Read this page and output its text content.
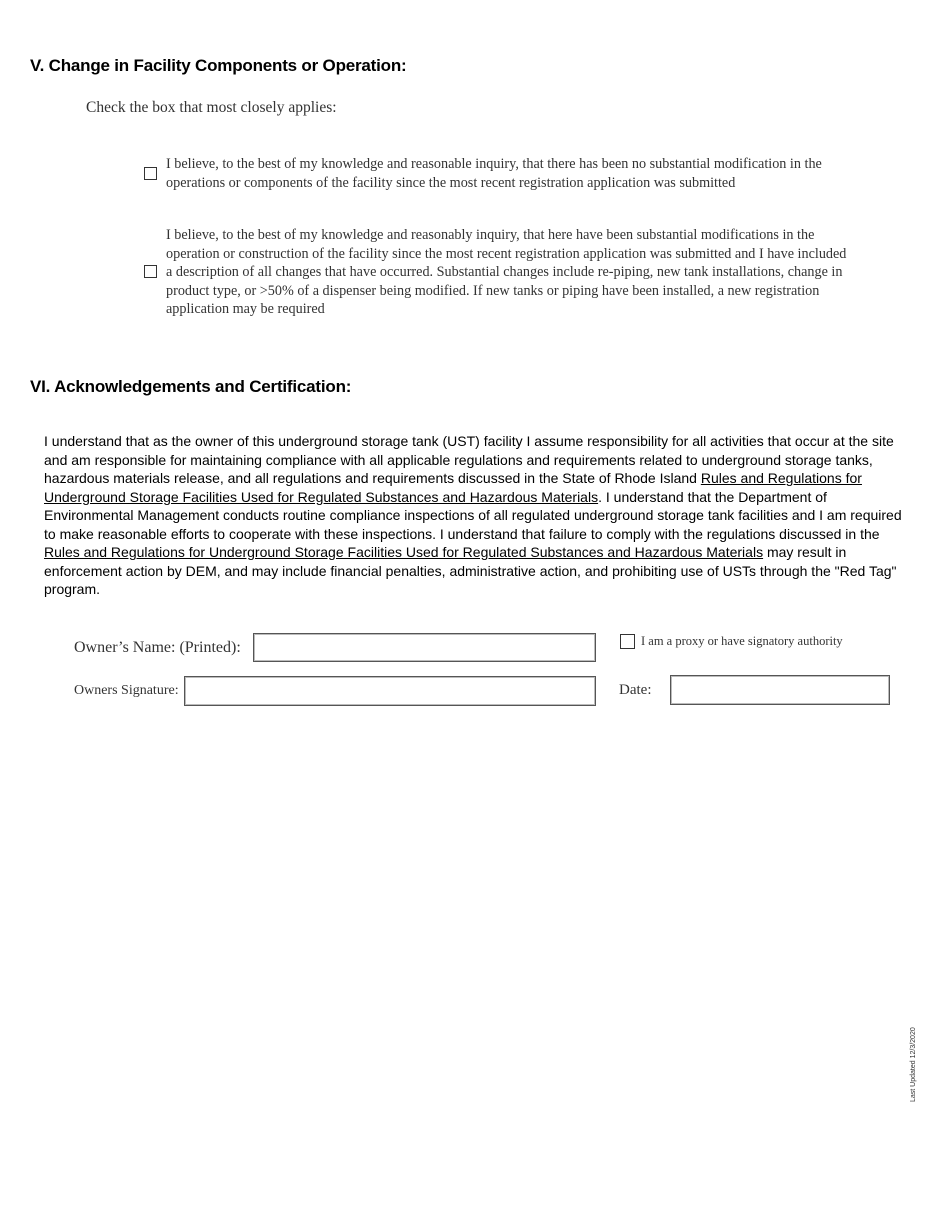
V. Change in Facility Components or Operation:
Check the box that most closely applies:
I believe, to the best of my knowledge and reasonable inquiry, that there has been no substantial modification in the operations or components of the facility since the most recent registration application was submitted
I believe, to the best of my knowledge and reasonably inquiry, that here have been substantial modifications in the operation or construction of the facility since the most recent registration application was submitted and I have included a description of all changes that have occurred. Substantial changes include re-piping, new tank installations, change in product type, or >50% of a dispenser being modified. If new tanks or piping have been installed, a new registration application may be required
VI. Acknowledgements and Certification:
I understand that as the owner of this underground storage tank (UST) facility I assume responsibility for all activities that occur at the site and am responsible for maintaining compliance with all applicable regulations and requirements related to underground storage tanks, hazardous materials release, and all regulations and requirements discussed in the State of Rhode Island Rules and Regulations for Underground Storage Facilities Used for Regulated Substances and Hazardous Materials. I understand that the Department of Environmental Management conducts routine compliance inspections of all regulated underground storage tank facilities and I am required to make reasonable efforts to cooperate with these inspections. I understand that failure to comply with the regulations discussed in the Rules and Regulations for Underground Storage Facilities Used for Regulated Substances and Hazardous Materials may result in enforcement action by DEM, and may include financial penalties, administrative action, and prohibiting use of USTs through the "Red Tag" program.
Owner’s Name: (Printed):	I am a proxy or have signatory authority
Owners Signature:	Date:
Last Updated 12/3/2020
